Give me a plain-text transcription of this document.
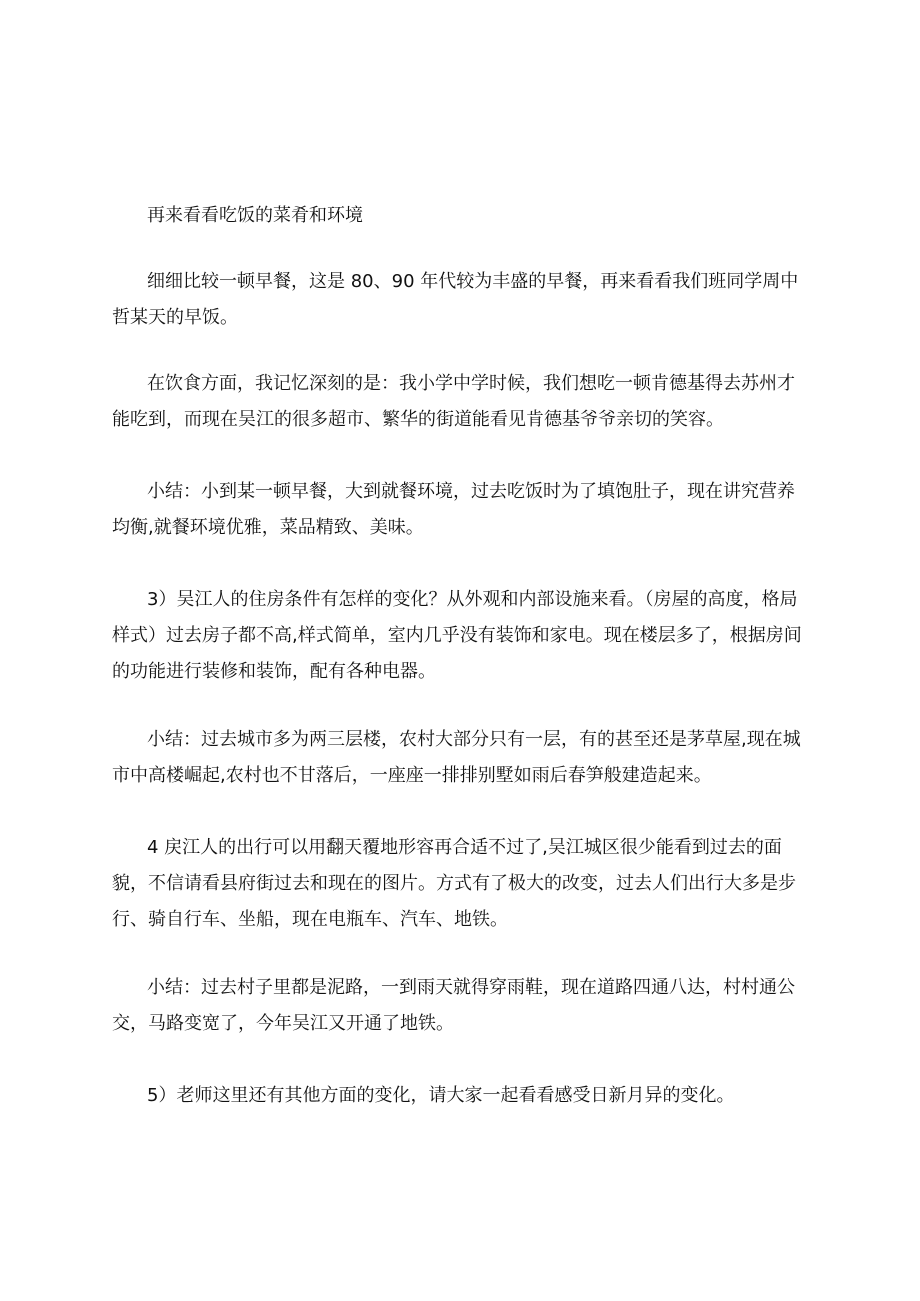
再来看看吃饭的菜肴和环境

细细比较一顿早餐，这是 80、90 年代较为丰盛的早餐，再来看看我们班同学周中哲某天的早饭。

在饮食方面，我记忆深刻的是：我小学中学时候，我们想吃一顿肯德基得去苏州才能吃到，而现在吴江的很多超市、繁华的街道能看见肯德基爷爷亲切的笑容。

小结：小到某一顿早餐，大到就餐环境，过去吃饭时为了填饱肚子，现在讲究营养均衡,就餐环境优雅，菜品精致、美味。

3）吴江人的住房条件有怎样的变化？从外观和内部设施来看。（房屋的高度，格局样式）过去房子都不高,样式简单，室内几乎没有装饰和家电。现在楼层多了，根据房间的功能进行装修和装饰，配有各种电器。

小结：过去城市多为两三层楼，农村大部分只有一层，有的甚至还是茅草屋,现在城市中高楼崛起,农村也不甘落后，一座座一排排别墅如雨后春笋般建造起来。

4 戻江人的出行可以用翻天覆地形容再合适不过了,吴江城区很少能看到过去的面貌，不信请看县府街过去和现在的图片。方式有了极大的改变，过去人们出行大多是步行、骑自行车、坐船，现在电瓶车、汽车、地铁。

小结：过去村子里都是泥路，一到雨天就得穿雨鞋，现在道路四通八达，村村通公交，马路变宽了，今年吴江又开通了地铁。

5）老师这里还有其他方面的变化，请大家一起看看感受日新月异的变化。
